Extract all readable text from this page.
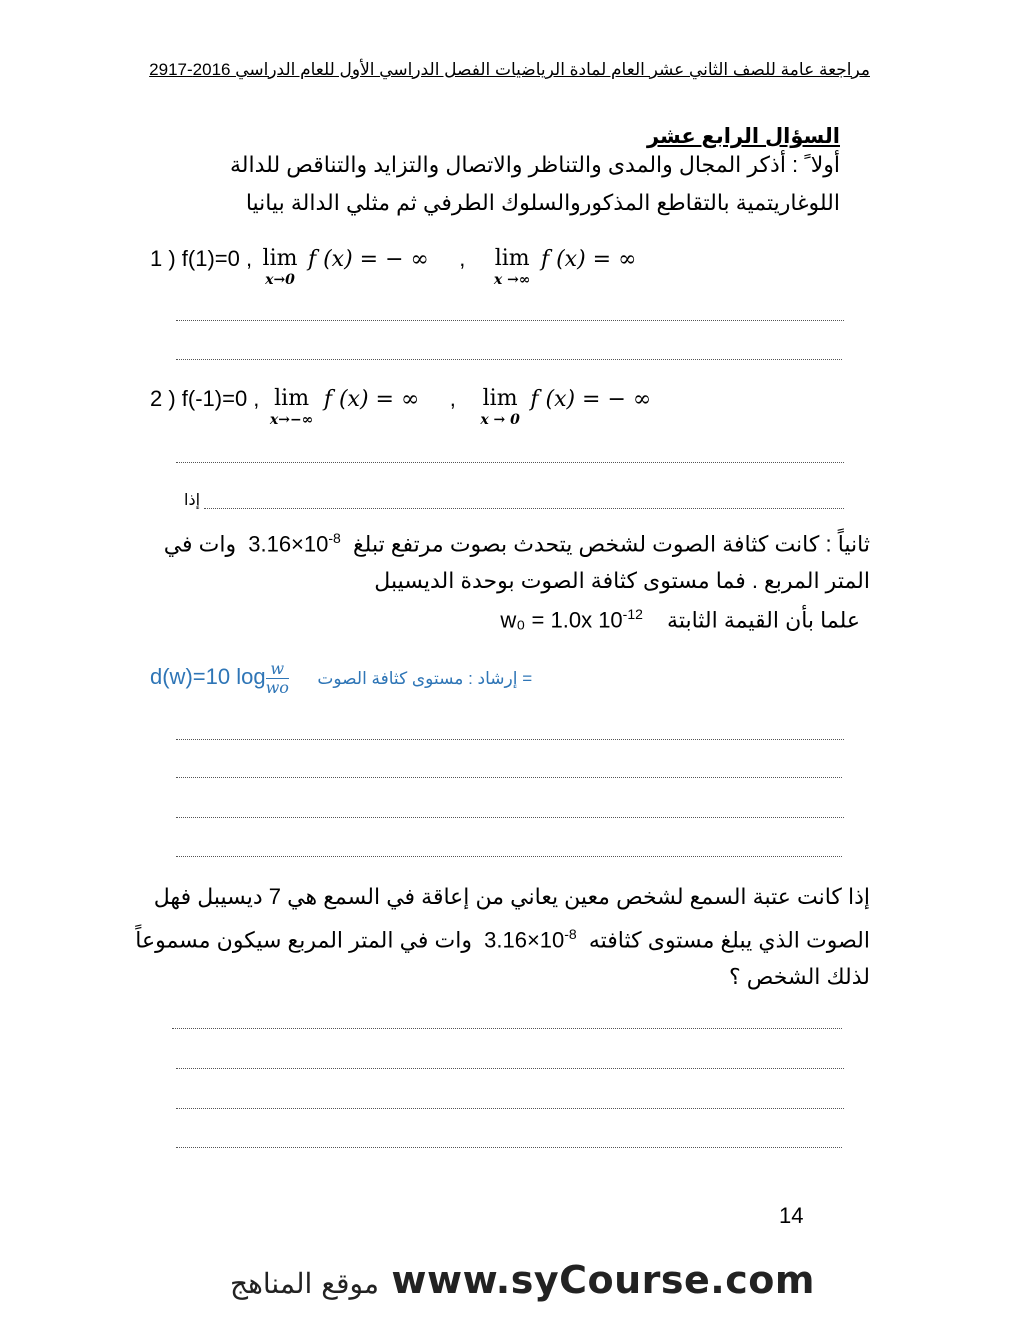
مراجعة عامة للصف الثاني عشر العام لمادة الرياضيات الفصل الدراسي الأول للعام الدراسي 2016-2917
السؤال الرابع عشر
أولا ً : أذكر المجال والمدى والتناظر والاتصال والتزايد والتناقص للدالة
اللوغاريتمية بالتقاطع المذكوروالسلوك الطرفي ثم مثلي الدالة بيانيا
1 ) f(1)=0 , lim
x→0
f (x) = − ∞ , lim
x →∞
f (x) = ∞
2 ) f(-1)=0 , lim
x→−∞
f (x) = ∞ , lim
x → 0
f (x) = − ∞
إذا
ثانياً : كانت كثافة الصوت لشخص يتحدث بصوت مرتفع تبلغ $3.16\times 10^{-8}$ وات في
المتر المربع . فما مستوى كثافة الصوت بوحدة الديسيبل
علما بأن القيمة الثابتة w₀ = 1.0x $10^{-12}$
d(w)=10 $\log \frac{w}{wo}$ = إرشاد : مستوى كثافة الصوت
إذا كانت عتبة السمع لشخص معين يعاني من إعاقة في السمع هي 7 ديسيبل فهل
الصوت الذي يبلغ مستوى كثافته $3.16\times 10^{-8}$ وات في المتر المربع سيكون مسموعاً
لذلك الشخص ؟
14
موقع المناهج www.syCourse.com
